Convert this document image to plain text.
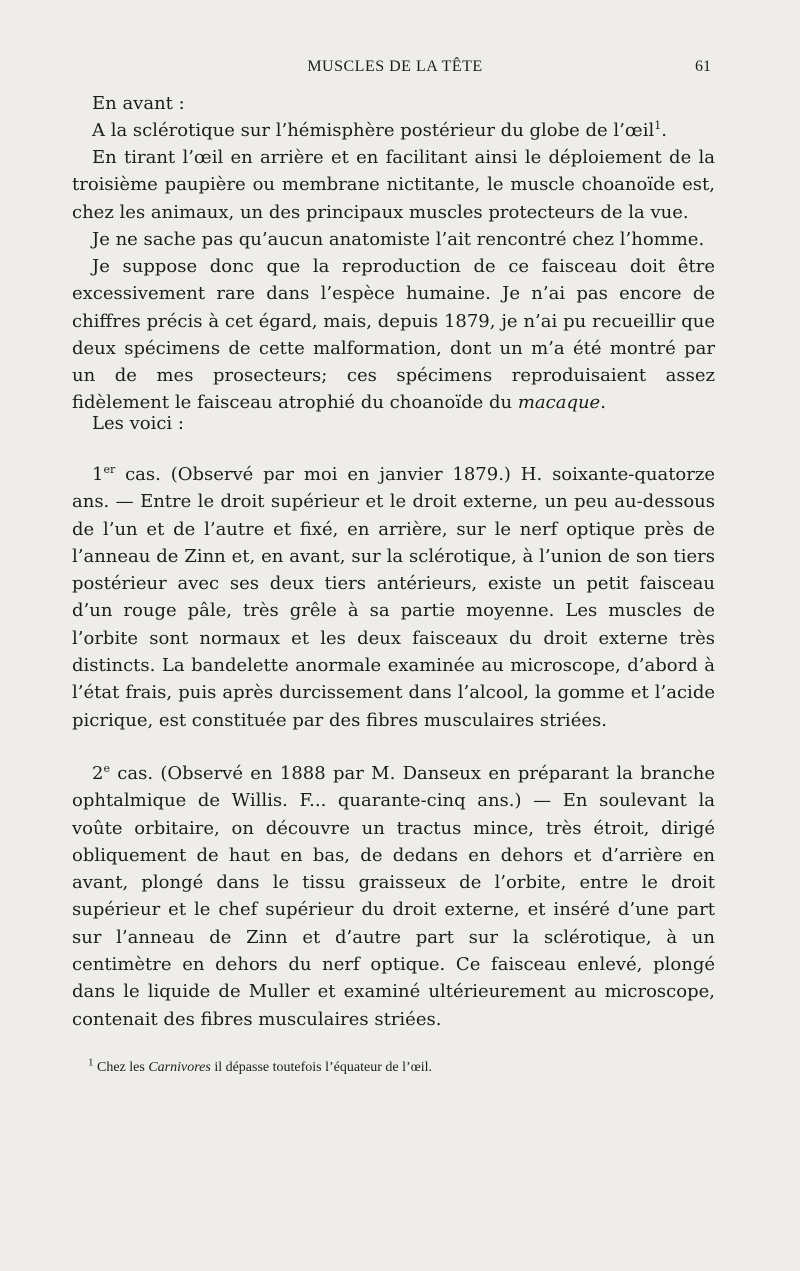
MUSCLES DE LA TÊTE	61

En avant :

A la sclérotique sur l’hémisphère postérieur du globe de l’œil$^1$.

En tirant l’œil en arrière et en facilitant ainsi le déploiement de la troisième paupière ou membrane nictitante, le muscle choanoïde est, chez les animaux, un des principaux muscles protecteurs de la vue.

Je ne sache pas qu’aucun anatomiste l’ait rencontré chez l’homme.

Je suppose donc que la reproduction de ce faisceau doit être excessivement rare dans l’espèce humaine. Je n’ai pas encore de chiffres précis à cet égard, mais, depuis 1879, je n’ai pu recueillir que deux spécimens de cette malformation, dont un m’a été montré par un de mes prosecteurs; ces spécimens reproduisaient assez fidèlement le faisceau atrophié du choanoïde du macaque.

Les voici :

1er cas. (Observé par moi en janvier 1879.) H. soixante-quatorze ans. — Entre le droit supérieur et le droit externe, un peu au-dessous de l’un et de l’autre et fixé, en arrière, sur le nerf optique près de l’anneau de Zinn et, en avant, sur la sclérotique, à l’union de son tiers postérieur avec ses deux tiers antérieurs, existe un petit faisceau d’un rouge pâle, très grêle à sa partie moyenne. Les muscles de l’orbite sont normaux et les deux faisceaux du droit externe très distincts. La bandelette anormale examinée au microscope, d’abord à l’état frais, puis après durcissement dans l’alcool, la gomme et l’acide picrique, est constituée par des fibres musculaires striées.

2e cas. (Observé en 1888 par M. Danseux en préparant la branche ophtalmique de Willis. F... quarante-cinq ans.) — En soulevant la voûte orbitaire, on découvre un tractus mince, très étroit, dirigé obliquement de haut en bas, de dedans en dehors et d’arrière en avant, plongé dans le tissu graisseux de l’orbite, entre le droit supérieur et le chef supérieur du droit externe, et inséré d’une part sur l’anneau de Zinn et d’autre part sur la sclérotique, à un centimètre en dehors du nerf optique. Ce faisceau enlevé, plongé dans le liquide de Muller et examiné ultérieurement au microscope, contenait des fibres musculaires striées.

$^1$ Chez les Carnivores il dépasse toutefois l’équateur de l’œil.
